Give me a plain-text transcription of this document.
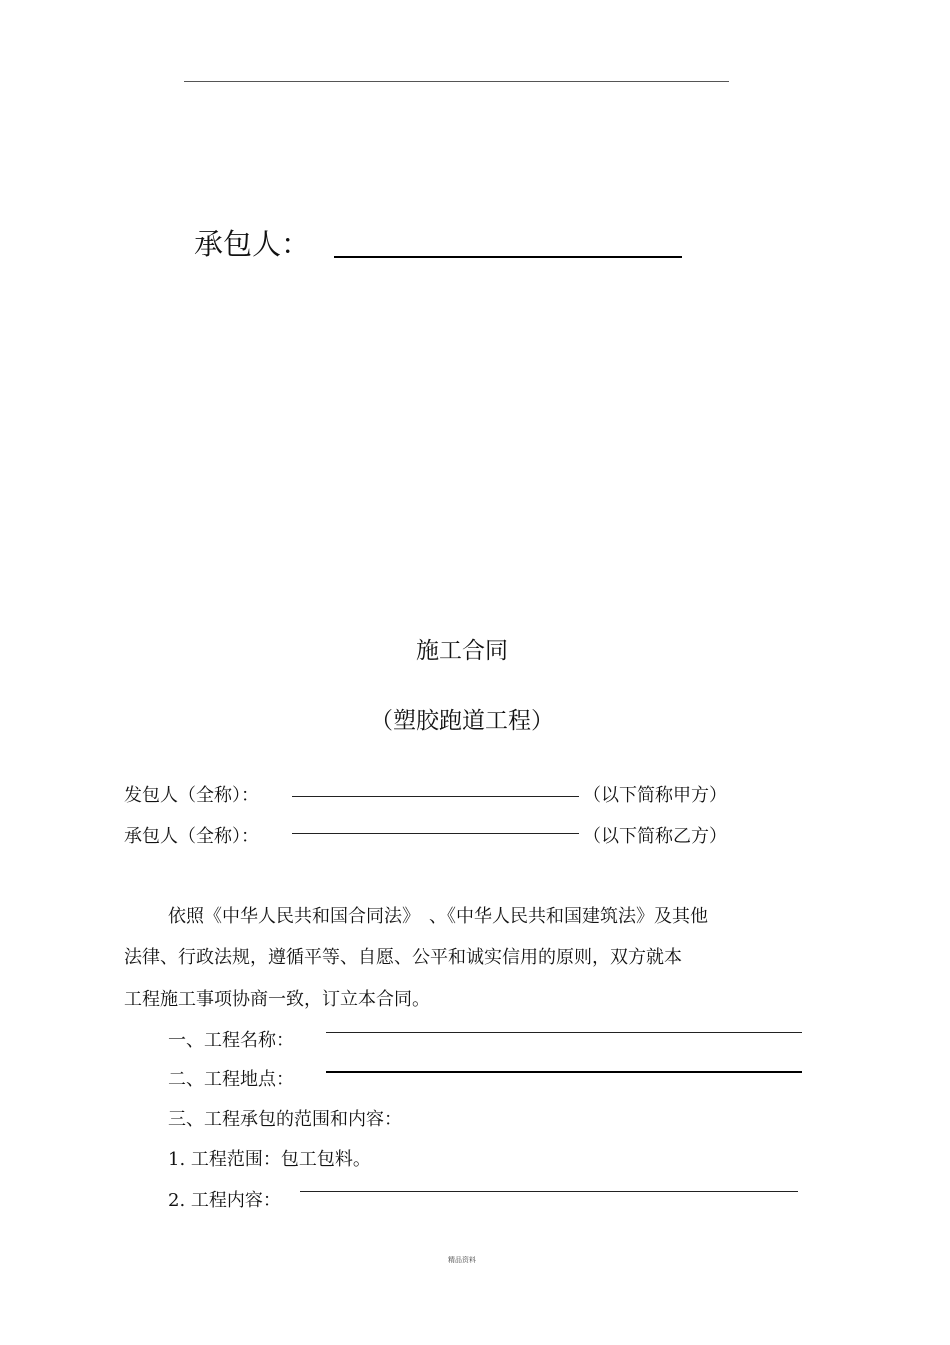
承包人：
施工合同
（塑胶跑道工程）
发包人（全称）：	（以下简称甲方）
承包人（全称）：	（以下简称乙方）
依照《中华人民共和国合同法》　、《中华人民共和国建筑法》及其他
法律、行政法规，遵循平等、自愿、公平和诚实信用的原则，双方就本
工程施工事项协商一致，订立本合同。
一、工程名称：
二、工程地点：
三、工程承包的范围和内容：
1. 工程范围：包工包料。
2. 工程内容：
精品资料
